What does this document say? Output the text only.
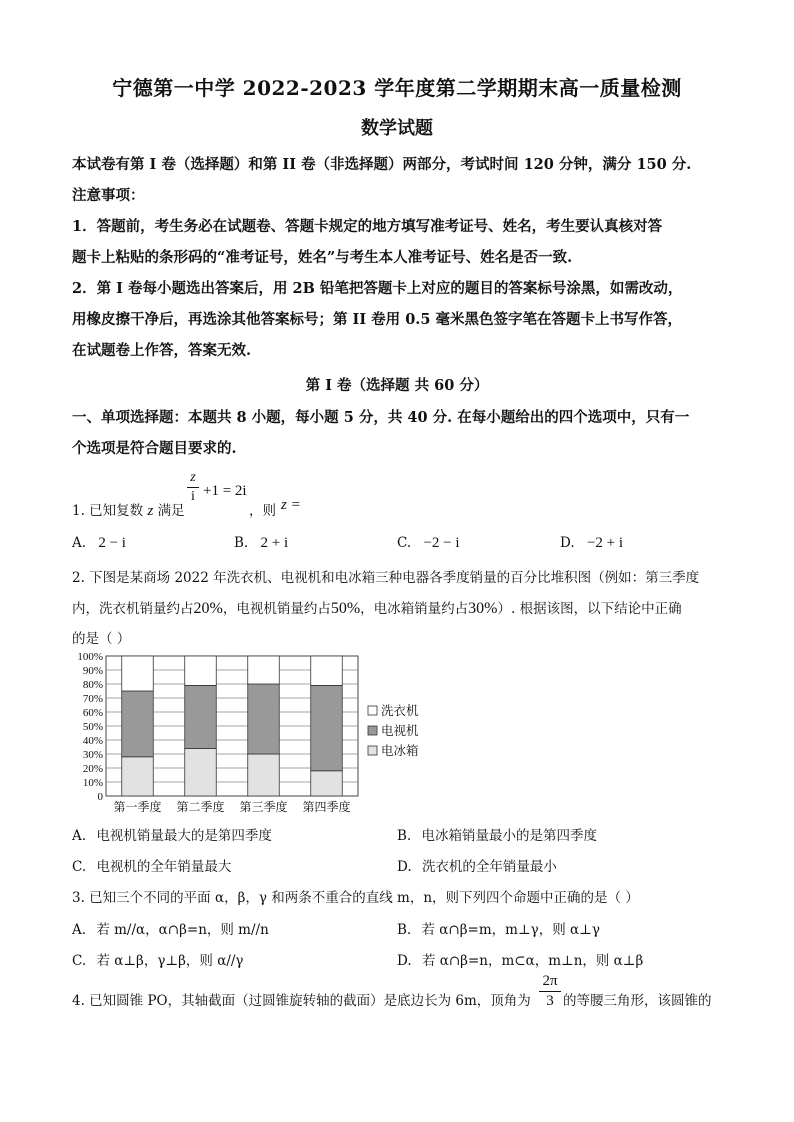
宁德第一中学 2022-2023 学年度第二学期期末高一质量检测
数学试题
本试卷有第 I 卷（选择题）和第 II 卷（非选择题）两部分，考试时间 120 分钟，满分 150 分.
注意事项：
1．答题前，考生务必在试题卷、答题卡规定的地方填写准考证号、姓名，考生要认真核对答
题卡上粘贴的条形码的“准考证号，姓名”与考生本人准考证号、姓名是否一致.
2．第 I 卷每小题选出答案后，用 2B 铅笔把答题卡上对应的题目的答案标号涂黑，如需改动，
用橡皮擦干净后，再选涂其他答案标号；第 II 卷用 0.5 毫米黑色签字笔在答题卡上书写作答，
在试题卷上作答，答案无效.
第 I 卷（选择题 共 60 分）
一、单项选择题：本题共 8 小题，每小题 5 分，共 40 分. 在每小题给出的四个选项中，只有一
个选项是符合题目要求的.
1. 已知复数 z 满足
z
i +1 = 2i
，则 z =
A. 2 − i	B. 2 + i	C. −2 − i	D. −2 + i
2. 下图是某商场 2022 年洗衣机、电视机和电冰箱三种电器各季度销量的百分比堆积图（例如：第三季度
内，洗衣机销量约占20%，电视机销量约占50%，电冰箱销量约占30%）. 根据该图，以下结论中正确
的是（ ）
0
10%
20%
30%
40%
50%
60%
70%
80%
90%
100%
第一季度 第二季度 第三季度 第四季度
洗衣机
电视机
电冰箱
A. 电视机销量最大的是第四季度	B. 电冰箱销量最小的是第四季度
C. 电视机的全年销量最大	D. 洗衣机的全年销量最小
3. 已知三个不同的平面 α，β，γ 和两条不重合的直线 m，n，则下列四个命题中正确的是（ ）
A. 若 m//α，α∩β=n，则 m//n	B. 若 α∩β=m，m⊥γ，则 α⊥γ
C. 若 α⊥β，γ⊥β，则 α//γ	D. 若 α∩β=n，m⊂α，m⊥n，则 α⊥β
4. 已知圆锥 PO，其轴截面（过圆锥旋转轴的截面）是底边长为 6m，顶角为
2π
3 的等腰三角形，该圆锥的
